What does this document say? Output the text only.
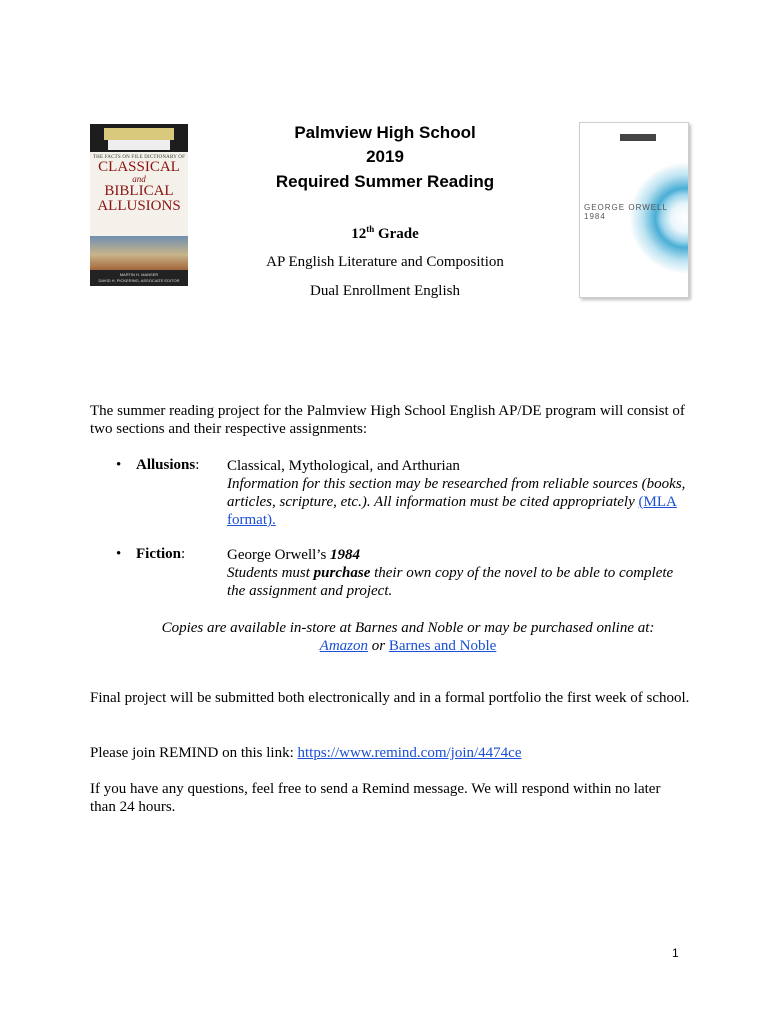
THE FACTS ON FILE DICTIONARY OF
CLASSICAL
and
BIBLICAL
ALLUSIONS
MARTIN H. MANSER
DAVID H. PICKERING, ASSOCIATE EDITOR
GEORGE ORWELL 1984
Palmview High School
2019
Required Summer Reading
12th Grade
AP English Literature and Composition
Dual Enrollment English
The summer reading project for the Palmview High School English AP/DE program will consist of two sections and their respective assignments:
• Allusions: Classical, Mythological, and Arthurian
Information for this section may be researched from reliable sources (books, articles, scripture, etc.). All information must be cited appropriately (MLA format).
• Fiction:	George Orwell’s 1984
Students must purchase their own copy of the novel to be able to complete the assignment and project.
Copies are available in-store at Barnes and Noble or may be purchased online at:
Amazon or Barnes and Noble
Final project will be submitted both electronically and in a formal portfolio the first week of school.
Please join REMIND on this link: https://www.remind.com/join/4474ce
If you have any questions, feel free to send a Remind message. We will respond within no later than 24 hours.
1
